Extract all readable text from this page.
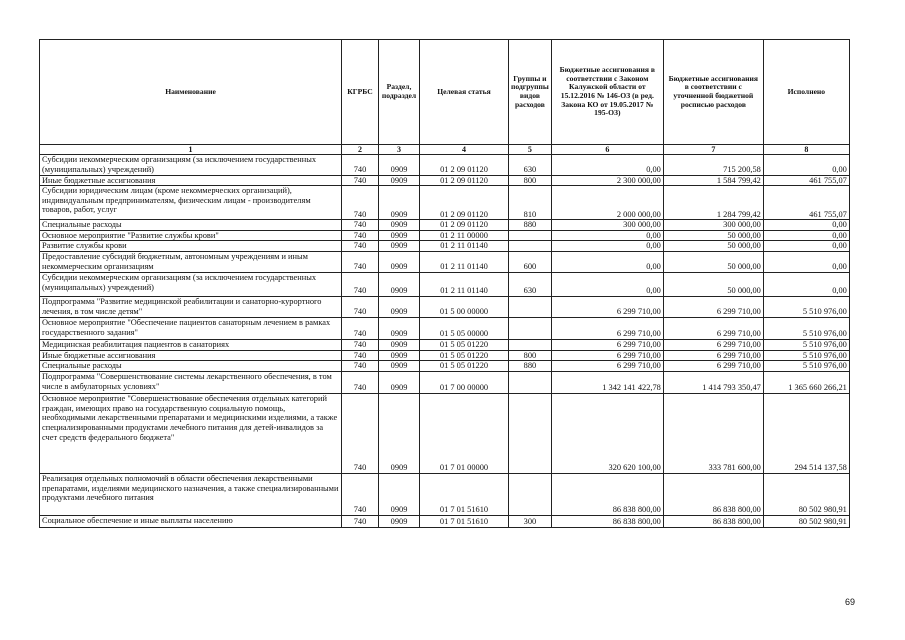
Наименование	КГРБС	Раздел, подраздел	Целевая статья	Группы и подгруппы видов расходов	Бюджетные ассигнования в соответствии с Законом Калужской области от 15.12.2016 № 146-ОЗ (в ред. Закона КО от 19.05.2017 № 195-ОЗ)	Бюджетные ассигнования в соответствии с уточненной бюджетной росписью расходов	Исполнено
1	2	3	4	5	6	7	8
Субсидии некоммерческим организациям (за исключением государственных (муниципальных) учреждений)	740	0909	01 2 09 01120	630	0,00	715 200,58	0,00
Иные бюджетные ассигнования	740	0909	01 2 09 01120	800	2 300 000,00	1 584 799,42	461 755,07
Субсидии юридическим лицам (кроме некоммерческих организаций), индивидуальным предпринимателям, физическим лицам - производителям товаров, работ, услуг	740	0909	01 2 09 01120	810	2 000 000,00	1 284 799,42	461 755,07
Специальные расходы	740	0909	01 2 09 01120	880	300 000,00	300 000,00	0,00
Основное мероприятие "Развитие службы крови"	740	0909	01 2 11 00000		0,00	50 000,00	0,00
Развитие службы крови	740	0909	01 2 11 01140		0,00	50 000,00	0,00
Предоставление субсидий бюджетным, автономным учреждениям и иным некоммерческим организациям	740	0909	01 2 11 01140	600	0,00	50 000,00	0,00
Субсидии некоммерческим организациям (за исключением государственных (муниципальных) учреждений)	740	0909	01 2 11 01140	630	0,00	50 000,00	0,00
Подпрограмма "Развитие медицинской реабилитации и санаторно-курортного лечения, в том числе детям"	740	0909	01 5 00 00000		6 299 710,00	6 299 710,00	5 510 976,00
Основное мероприятие "Обеспечение пациентов санаторным лечением в рамках государственного задания"	740	0909	01 5 05 00000		6 299 710,00	6 299 710,00	5 510 976,00
Медицинская реабилитация пациентов в санаториях	740	0909	01 5 05 01220		6 299 710,00	6 299 710,00	5 510 976,00
Иные бюджетные ассигнования	740	0909	01 5 05 01220	800	6 299 710,00	6 299 710,00	5 510 976,00
Специальные расходы	740	0909	01 5 05 01220	880	6 299 710,00	6 299 710,00	5 510 976,00
Подпрограмма "Совершенствование системы лекарственного обеспечения, в том числе в амбулаторных условиях"	740	0909	01 7 00 00000		1 342 141 422,78	1 414 793 350,47	1 365 660 266,21
Основное мероприятие "Совершенствование обеспечения отдельных категорий граждан, имеющих право на государственную социальную помощь, необходимыми лекарственными препаратами и медицинскими изделиями, а также специализированными продуктами лечебного питания для детей-инвалидов за счет средств федерального бюджета"	740	0909	01 7 01 00000		320 620 100,00	333 781 600,00	294 514 137,58
Реализация отдельных полномочий в области обеспечения лекарственными препаратами, изделиями медицинского назначения, а также специализированными продуктами лечебного питания	740	0909	01 7 01 51610		86 838 800,00	86 838 800,00	80 502 980,91
Социальное обеспечение и иные выплаты населению	740	0909	01 7 01 51610	300	86 838 800,00	86 838 800,00	80 502 980,91
69
